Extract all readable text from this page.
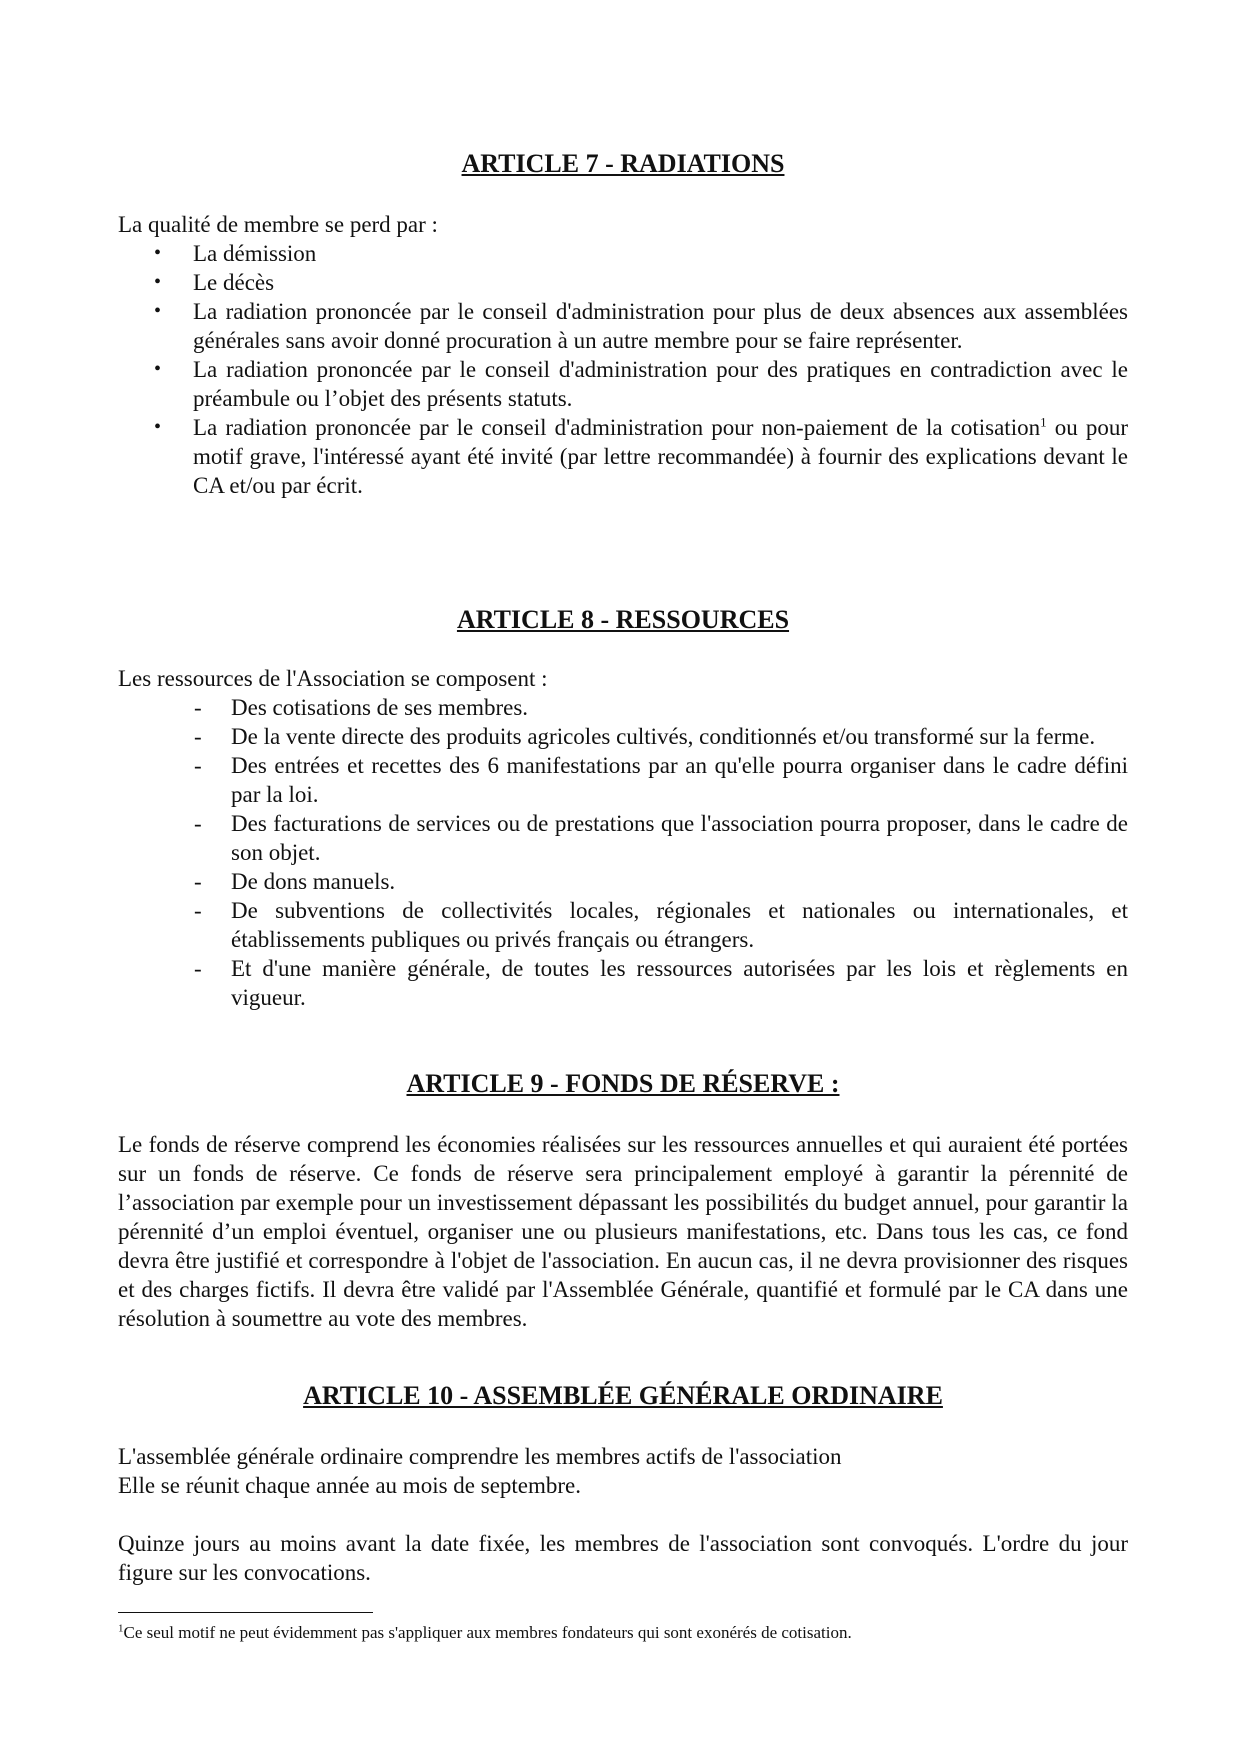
ARTICLE 7 - RADIATIONS

La qualité de membre se perd par :

• La démission
• Le décès
• La radiation prononcée par le conseil d'administration pour plus de deux absences aux assemblées générales sans avoir donné procuration à un autre membre pour se faire représenter.
• La radiation prononcée par le conseil d'administration pour des pratiques en contradiction avec le préambule ou l’objet des présents statuts.
• La radiation prononcée par le conseil d'administration pour non-paiement de la cotisation$^1$ ou pour motif grave, l'intéressé ayant été invité (par lettre recommandée) à fournir des explications devant le CA et/ou par écrit.
ARTICLE 8 - RESSOURCES

Les ressources de l'Association se composent :

- Des cotisations de ses membres.
- De la vente directe des produits agricoles cultivés, conditionnés et/ou transformé sur la ferme.
- Des entrées et recettes des 6 manifestations par an qu'elle pourra organiser dans le cadre défini par la loi.
- Des facturations de services ou de prestations que l'association pourra proposer, dans le cadre de son objet.
- De dons manuels.
- De subventions de collectivités locales, régionales et nationales ou internationales, et établissements publiques ou privés français ou étrangers.
- Et d'une manière générale, de toutes les ressources autorisées par les lois et règlements en vigueur.
ARTICLE 9 - FONDS DE RÉSERVE :

Le fonds de réserve comprend les économies réalisées sur les ressources annuelles et qui auraient été portées sur un fonds de réserve. Ce fonds de réserve sera principalement employé à garantir la pérennité de l’association par exemple pour un investissement dépassant les possibilités du budget annuel, pour garantir la pérennité d’un emploi éventuel, organiser une ou plusieurs manifestations, etc. Dans tous les cas, ce fond devra être justifié et correspondre à l'objet de l'association. En aucun cas, il ne devra provisionner des risques et des charges fictifs. Il devra être validé par l'Assemblée Générale, quantifié et formulé par le CA dans une résolution à soumettre au vote des membres.

ARTICLE 10 - ASSEMBLÉE GÉNÉRALE ORDINAIRE

L'assemblée générale ordinaire comprendre les membres actifs de l'association

Elle se réunit chaque année au mois de septembre.

Quinze jours au moins avant la date fixée, les membres de l'association sont convoqués. L'ordre du jour figure sur les convocations.

$^1$Ce seul motif ne peut évidemment pas s'appliquer aux membres fondateurs qui sont exonérés de cotisation.
